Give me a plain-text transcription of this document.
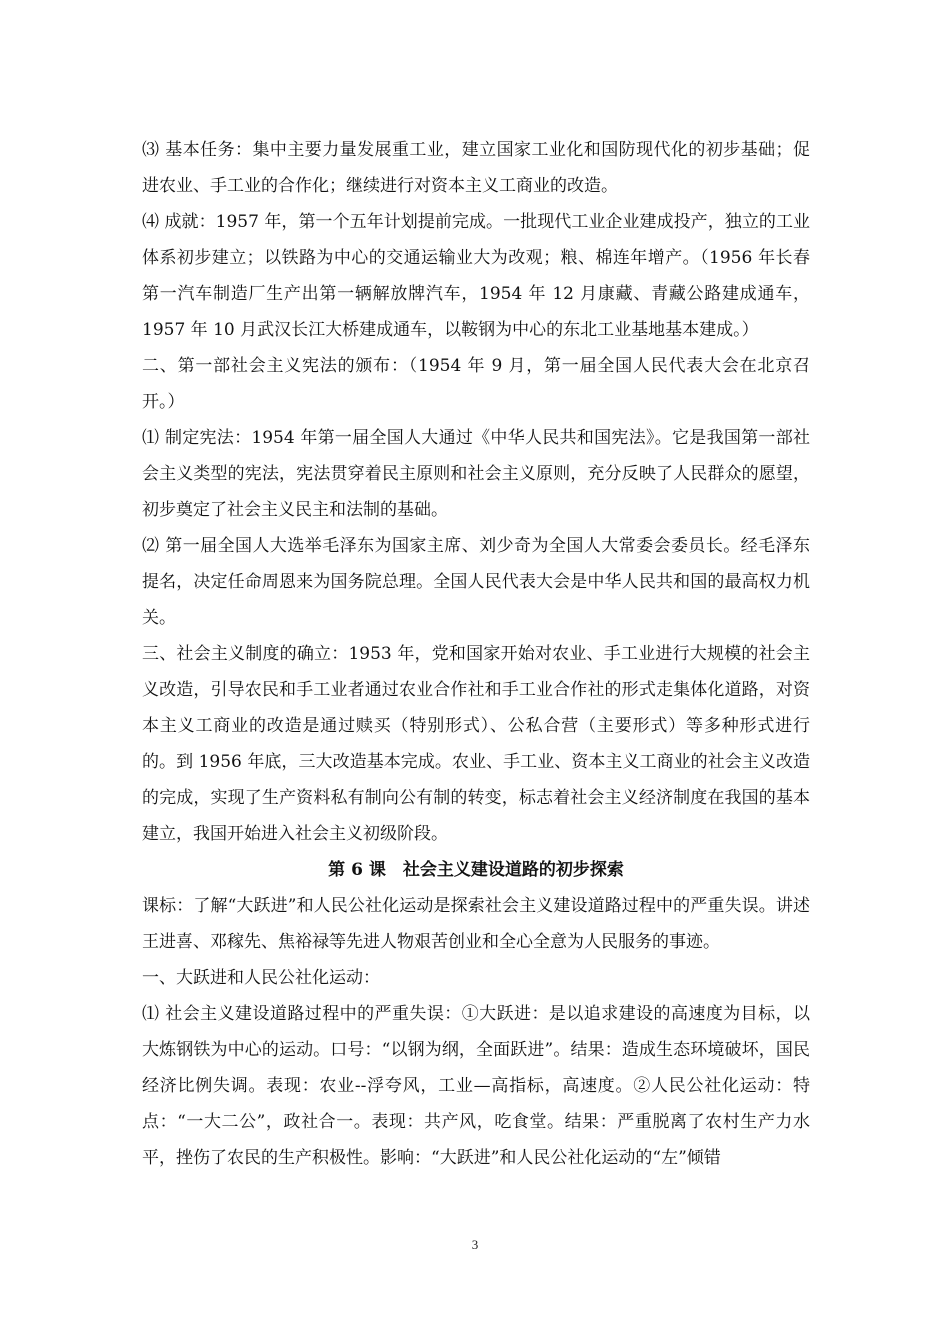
⑶ 基本任务：集中主要力量发展重工业，建立国家工业化和国防现代化的初步基础；促进农业、手工业的合作化；继续进行对资本主义工商业的改造。

⑷ 成就：1957 年，第一个五年计划提前完成。一批现代工业企业建成投产，独立的工业体系初步建立；以铁路为中心的交通运输业大为改观；粮、棉连年增产。（1956 年长春第一汽车制造厂生产出第一辆解放牌汽车，1954 年 12 月康藏、青藏公路建成通车，1957 年 10 月武汉长江大桥建成通车，以鞍钢为中心的东北工业基地基本建成。）

二、第一部社会主义宪法的颁布：（1954 年 9 月，第一届全国人民代表大会在北京召开。）

⑴ 制定宪法：1954 年第一届全国人大通过《中华人民共和国宪法》。它是我国第一部社会主义类型的宪法，宪法贯穿着民主原则和社会主义原则，充分反映了人民群众的愿望，初步奠定了社会主义民主和法制的基础。

⑵ 第一届全国人大选举毛泽东为国家主席、刘少奇为全国人大常委会委员长。经毛泽东提名，决定任命周恩来为国务院总理。全国人民代表大会是中华人民共和国的最高权力机关。

三、社会主义制度的确立：1953 年，党和国家开始对农业、手工业进行大规模的社会主义改造，引导农民和手工业者通过农业合作社和手工业合作社的形式走集体化道路，对资本主义工商业的改造是通过赎买（特别形式）、公私合营（主要形式）等多种形式进行的。到 1956 年底，三大改造基本完成。农业、手工业、资本主义工商业的社会主义改造的完成，实现了生产资料私有制向公有制的转变，标志着社会主义经济制度在我国的基本建立，我国开始进入社会主义初级阶段。

第 6 课　社会主义建设道路的初步探索

课标：了解“大跃进”和人民公社化运动是探索社会主义建设道路过程中的严重失误。讲述王进喜、邓稼先、焦裕禄等先进人物艰苦创业和全心全意为人民服务的事迹。

一、大跃进和人民公社化运动：

⑴ 社会主义建设道路过程中的严重失误：①大跃进：是以追求建设的高速度为目标，以大炼钢铁为中心的运动。口号：“以钢为纲，全面跃进”。结果：造成生态环境破坏，国民经济比例失调。表现：农业--浮夸风，工业—高指标，高速度。②人民公社化运动：特点：“一大二公”，政社合一。表现：共产风，吃食堂。结果：严重脱离了农村生产力水平，挫伤了农民的生产积极性。影响：“大跃进”和人民公社化运动的“左”倾错

3
